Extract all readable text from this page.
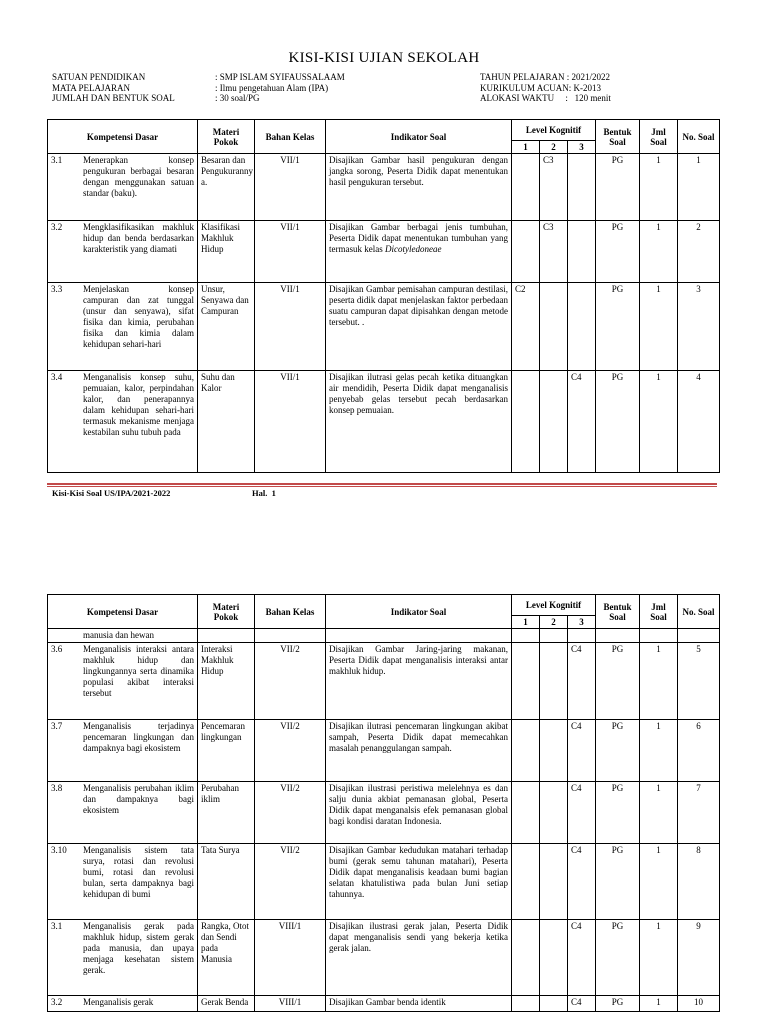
KISI-KISI UJIAN SEKOLAH
SATUAN PENDIDIKAN	: SMP ISLAM SYIFAUSSALAAM
MATA PELAJARAN	: Ilmu pengetahuan Alam (IPA)
JUMLAH DAN BENTUK SOAL	: 30 soal/PG
TAHUN PELAJARAN : 2021/2022
KURIKULUM ACUAN: K-2013
ALOKASI WAKTU     :   120 menit
Kompetensi Dasar	Materi Pokok	Bahan Kelas	Indikator Soal	Level Kognitif			Bentuk Soal	Jml Soal	No. Soal
				1	2	3			

3.1 Menerapkan konsep pengukuran berbagai besaran dengan menggunakan satuan standar (baku).	Besaran dan Pengukuranny a.	VII/1	Disajikan Gambar hasil pengukuran dengan jangka sorong, Peserta Didik dapat menentukan hasil pengukuran tersebut.		C3		PG	1	1

3.2 Mengklasifikasikan makhluk hidup dan benda berdasarkan karakteristik yang diamati	Klasifikasi Makhluk Hidup	VII/1	Disajikan Gambar berbagai jenis tumbuhan, Peserta Didik dapat menentukan tumbuhan yang termasuk kelas Dicotyledoneae		C3		PG	1	2

3.3 Menjelaskan konsep campuran dan zat tunggal (unsur dan senyawa), sifat fisika dan kimia, perubahan fisika dan kimia dalam kehidupan sehari-hari	Unsur, Senyawa dan Campuran	VII/1	Disajikan Gambar pemisahan campuran destilasi, peserta didik dapat menjelaskan faktor perbedaan suatu campuran dapat dipisahkan dengan metode tersebut. .	C2			PG	1	3

3.4 Menganalisis konsep suhu, pemuaian, kalor, perpindahan kalor, dan penerapannya dalam kehidupan sehari-hari termasuk mekanisme menjaga kestabilan suhu tubuh pada	Suhu dan Kalor	VII/1	Disajikan ilutrasi gelas pecah ketika dituangkan air mendidih, Peserta Didik dapat menganalisis penyebab gelas tersebut pecah berdasarkan konsep pemuaian.			C4	PG	1	4
Kisi-Kisi Soal US/IPA/2021-2022	Hal.  1
Kompetensi Dasar	Materi Pokok	Bahan Kelas	Indikator Soal	Level Kognitif			Bentuk Soal	Jml Soal	No. Soal
				1	2	3			
manusia dan hewan									

3.6 Menganalisis interaksi antara makhluk hidup dan lingkungannya serta dinamika populasi akibat interaksi tersebut	Interaksi Makhluk Hidup	VII/2	Disajikan Gambar Jaring-jaring makanan, Peserta Didik dapat menganalisis interaksi antar makhluk hidup.			C4	PG	1	5

3.7 Menganalisis terjadinya pencemaran lingkungan dan dampaknya bagi ekosistem	Pencemaran lingkungan	VII/2	Disajikan ilutrasi pencemaran lingkungan akibat sampah, Peserta Didik dapat memecahkan masalah penanggulangan sampah.			C4	PG	1	6

3.8 Menganalisis perubahan iklim dan dampaknya bagi ekosistem	Perubahan iklim	VII/2	Disajikan ilustrasi peristiwa melelehnya es dan salju dunia akbiat pemanasan global, Peserta Didik dapat menganalsis efek pemanasan global bagi kondisi daratan Indonesia.			C4	PG	1	7

3.10 Menganalisis sistem tata surya, rotasi dan revolusi bumi, rotasi dan revolusi bulan, serta dampaknya bagi kehidupan di bumi	Tata Surya	VII/2	Disajikan Gambar kedudukan matahari terhadap bumi (gerak semu tahunan matahari), Peserta Didik dapat menganalisis keadaan bumi bagian selatan khatulistiwa pada bulan Juni setiap tahunnya.			C4	PG	1	8

3.1 Menganalisis gerak pada makhluk hidup, sistem gerak pada manusia, dan upaya menjaga kesehatan sistem gerak.	Rangka, Otot dan Sendi pada Manusia	VIII/1	Disajikan ilustrasi gerak jalan, Peserta Didik dapat menganalisis sendi yang bekerja ketika gerak jalan.			C4	PG	1	9

3.2 Menganalisis gerak	Gerak Benda	VIII/1	Disajikan Gambar benda identik			C4	PG	1	10
